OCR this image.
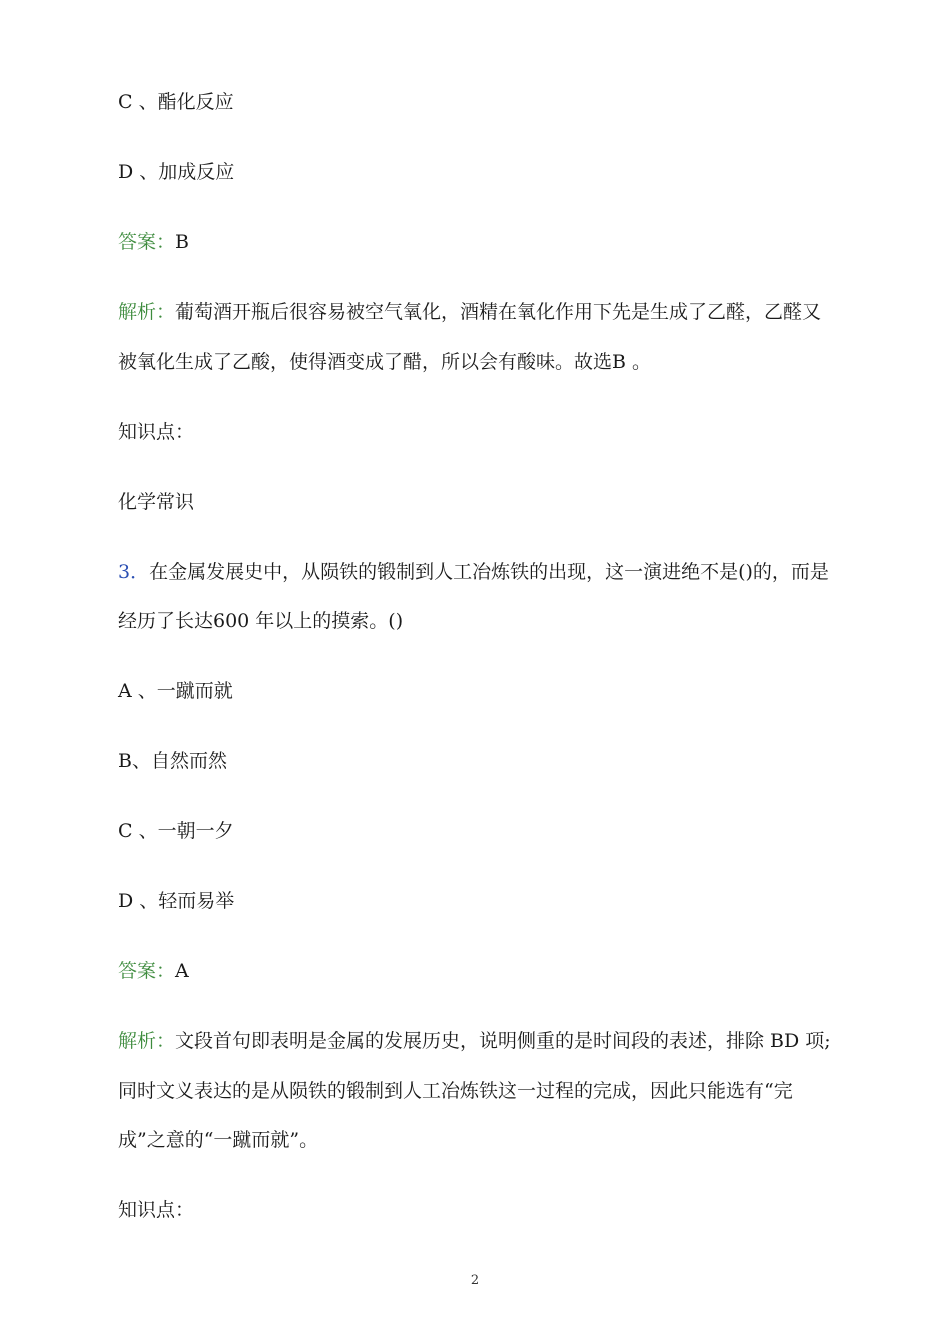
C 、酯化反应
D 、加成反应
答案：B
解析：葡萄酒开瓶后很容易被空气氧化，酒精在氧化作用下先是生成了乙醛，乙醛又
被氧化生成了乙酸，使得酒变成了醋，所以会有酸味。故选B 。
知识点：
化学常识
3．在金属发展史中，从陨铁的锻制到人工冶炼铁的出现，这一演进绝不是()的，而是
经历了长达600 年以上的摸索。()
A 、一蹴而就
B、自然而然
C 、一朝一夕
D 、轻而易举
答案：A
解析：文段首句即表明是金属的发展历史，说明侧重的是时间段的表述，排除 BD 项;
同时文义表达的是从陨铁的锻制到人工冶炼铁这一过程的完成，因此只能选有“完
成”之意的“一蹴而就”。
知识点：
2
